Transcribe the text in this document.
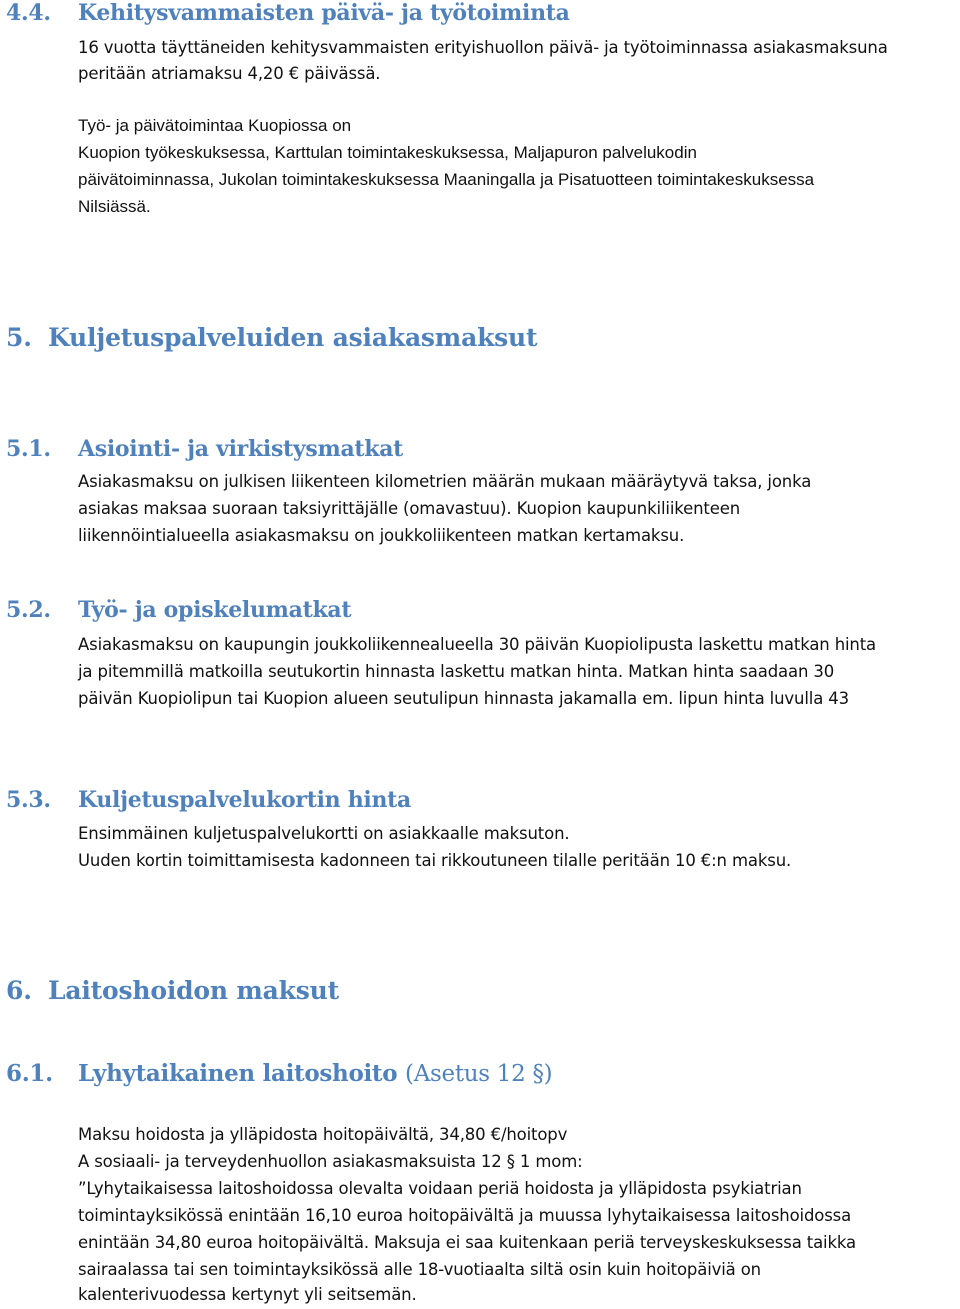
4.4. Kehitysvammaisten päivä- ja työtoiminta
16 vuotta täyttäneiden kehitysvammaisten erityishuollon päivä- ja työtoiminnassa asiakasmaksuna
peritään atriamaksu 4,20 € päivässä.
Työ- ja päivätoimintaa Kuopiossa on
Kuopion työkeskuksessa, Karttulan toimintakeskuksessa, Maljapuron palvelukodin
päivätoiminnassa, Jukolan toimintakeskuksessa Maaningalla ja Pisatuotteen toimintakeskuksessa
Nilsiässä.
5. Kuljetuspalveluiden asiakasmaksut
5.1. Asiointi- ja virkistysmatkat
Asiakasmaksu on julkisen liikenteen kilometrien määrän mukaan määräytyvä taksa, jonka
asiakas maksaa suoraan taksiyrittäjälle (omavastuu). Kuopion kaupunkiliikenteen
liikennöintialueella asiakasmaksu on joukkoliikenteen matkan kertamaksu.
5.2. Työ- ja opiskelumatkat
Asiakasmaksu on kaupungin joukkoliikennealueella 30 päivän Kuopiolipusta laskettu matkan hinta
ja pitemmillä matkoilla seutukortin hinnasta laskettu matkan hinta. Matkan hinta saadaan 30
päivän Kuopiolipun tai Kuopion alueen seutulipun hinnasta jakamalla em. lipun hinta luvulla 43
5.3. Kuljetuspalvelukortin hinta
Ensimmäinen kuljetuspalvelukortti on asiakkaalle maksuton.
Uuden kortin toimittamisesta kadonneen tai rikkoutuneen tilalle peritään 10 €:n maksu.
6. Laitoshoidon maksut
6.1. Lyhytaikainen laitoshoito (Asetus 12 §)
Maksu hoidosta ja ylläpidosta hoitopäivältä, 34,80 €/hoitopv
A sosiaali- ja terveydenhuollon asiakasmaksuista 12 § 1 mom:
”Lyhytaikaisessa laitoshoidossa olevalta voidaan periä hoidosta ja ylläpidosta psykiatrian
toimintayksikössä enintään 16,10 euroa hoitopäivältä ja muussa lyhytaikaisessa laitoshoidossa
enintään 34,80 euroa hoitopäivältä. Maksuja ei saa kuitenkaan periä terveyskeskuksessa taikka
sairaalassa tai sen toimintayksikössä alle 18-vuotiaalta siltä osin kuin hoitopäiviä on
kalenterivuodessa kertynyt yli seitsemän.
